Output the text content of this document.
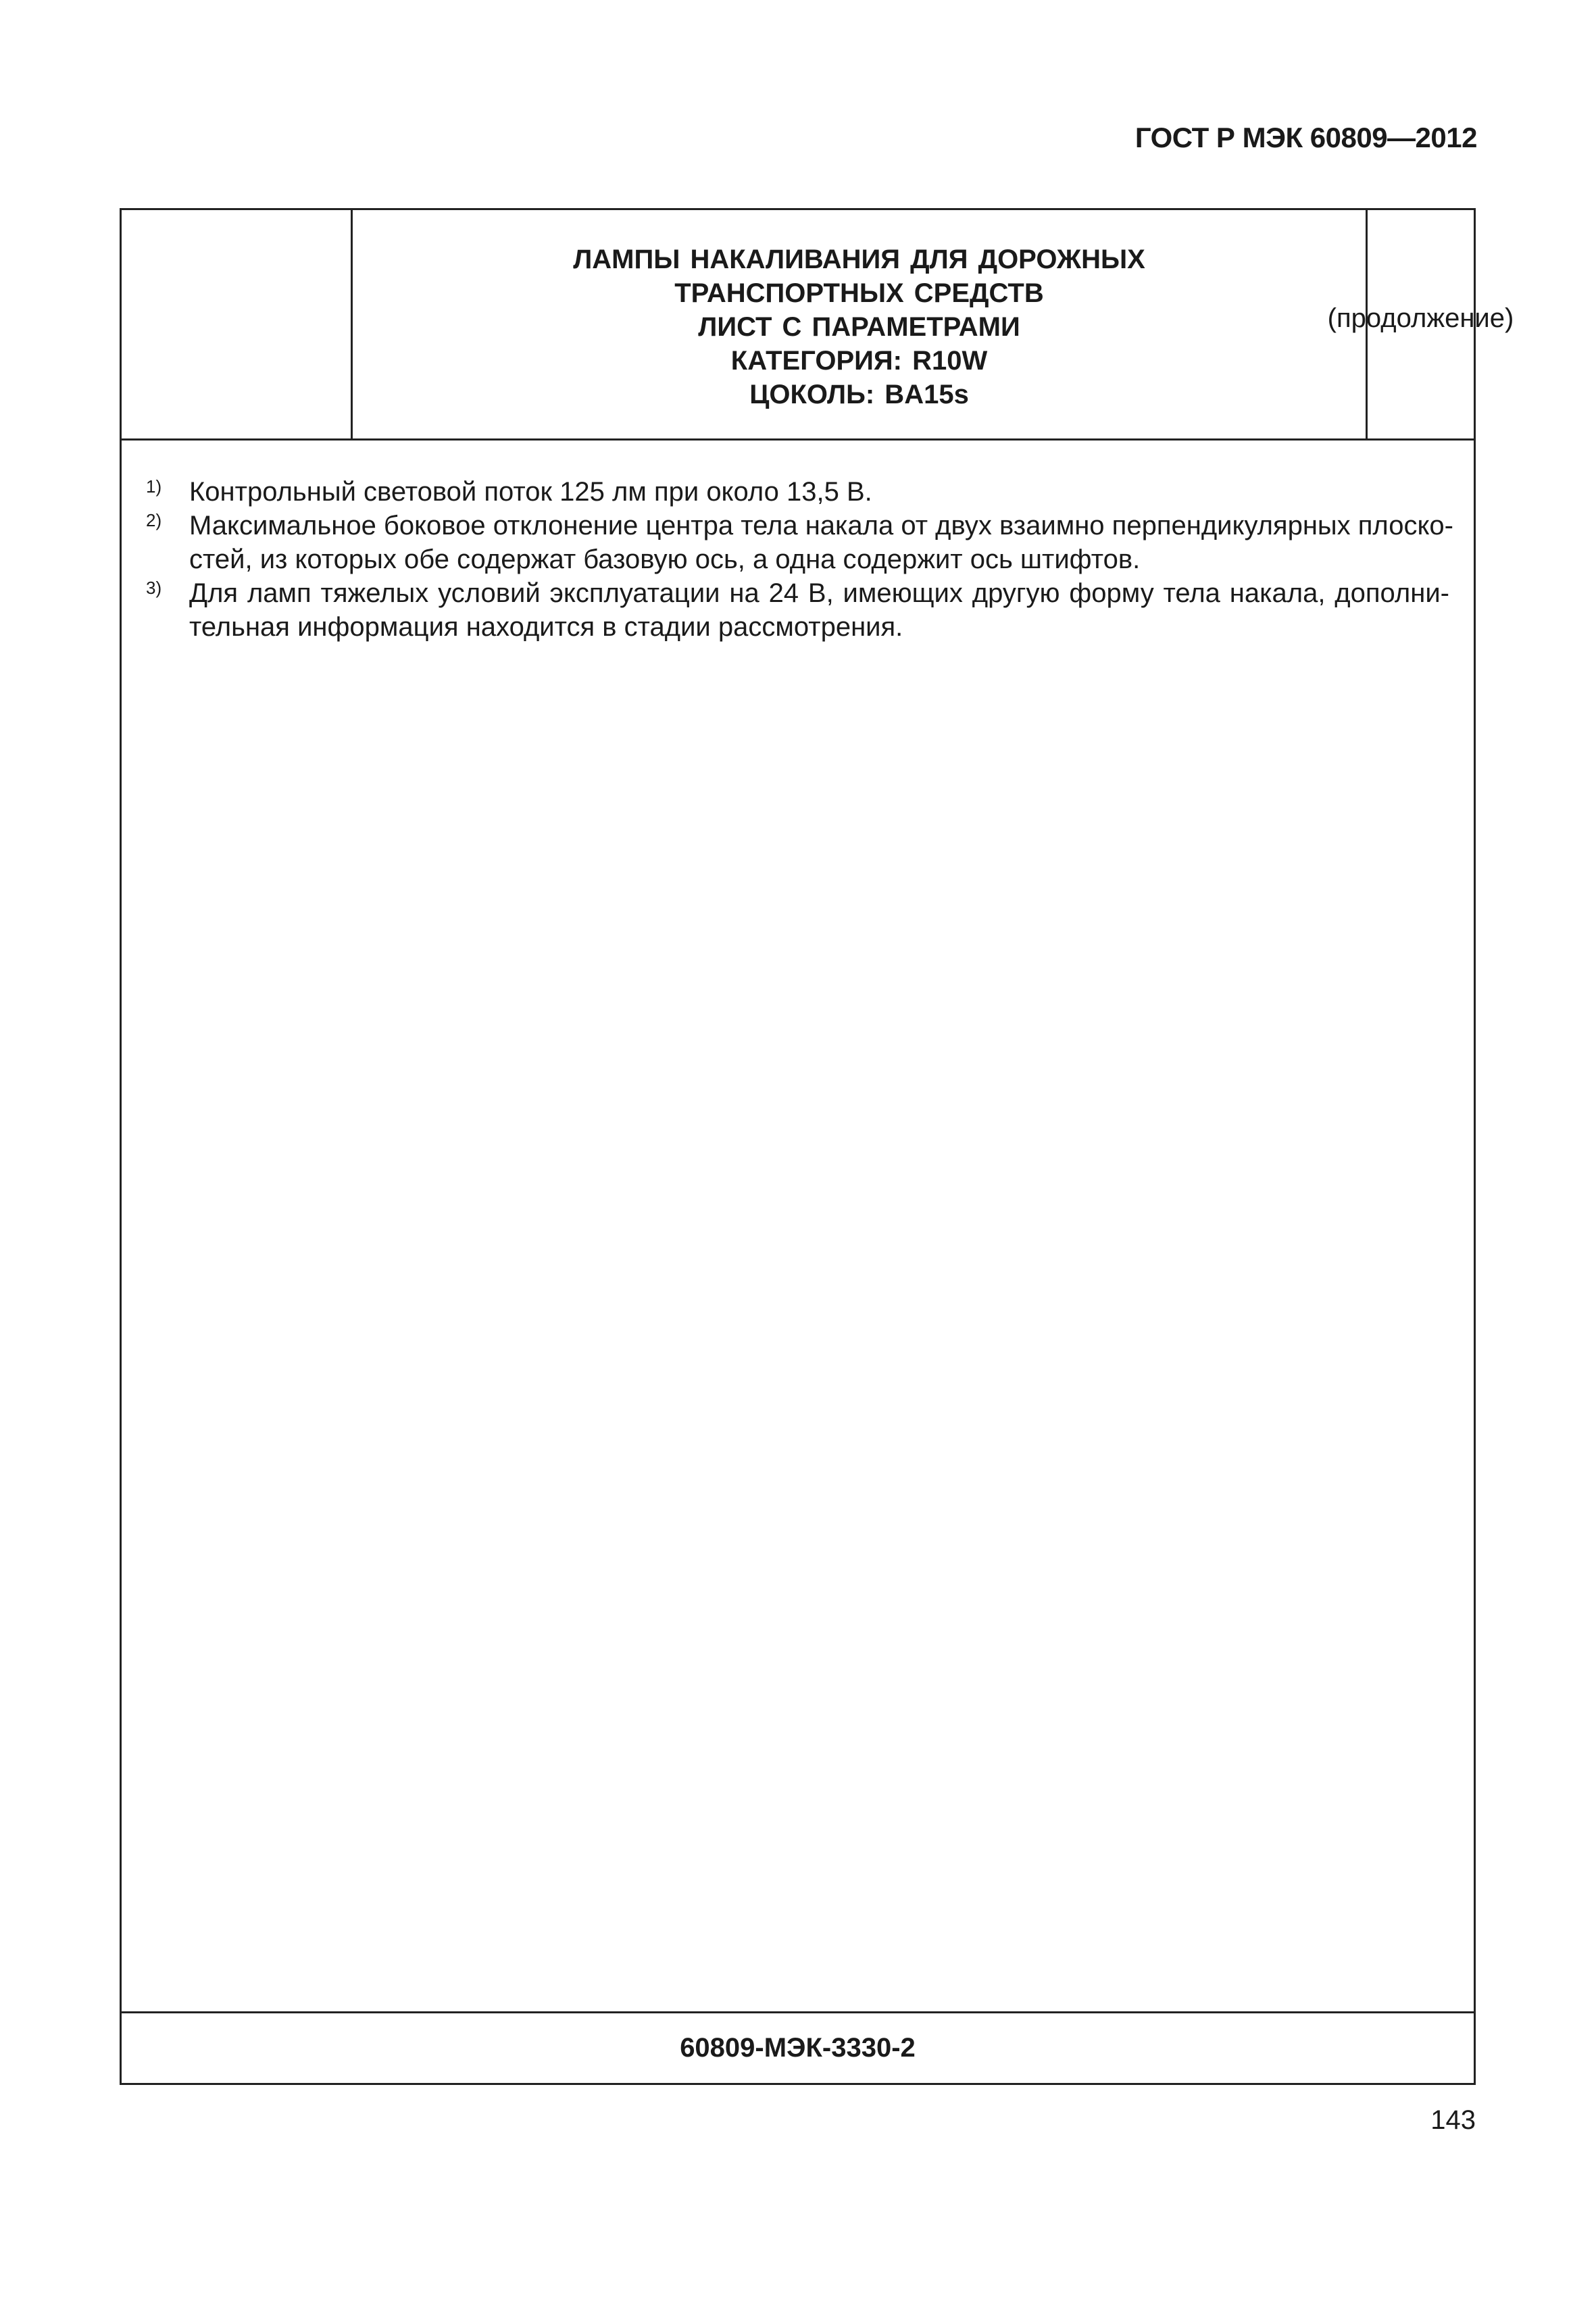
ГОСТ Р МЭК 60809—2012
ЛАМПЫ НАКАЛИВАНИЯ ДЛЯ ДОРОЖНЫХ
ТРАНСПОРТНЫХ СРЕДСТВ
ЛИСТ С ПАРАМЕТРАМИ
КАТЕГОРИЯ: R10W
ЦОКОЛЬ: BA15s
(продолжение)
1) Контрольный световой поток 125 лм при около 13,5 В.
2) Максимальное боковое отклонение центра тела накала от двух взаимно перпендикулярных плоско-
стей, из которых обе содержат базовую ось, а одна содержит ось штифтов.
3) Для ламп тяжелых условий эксплуатации на 24 В, имеющих другую форму тела накала, дополни-
тельная информация находится в стадии рассмотрения.
60809-МЭК-3330-2
143
